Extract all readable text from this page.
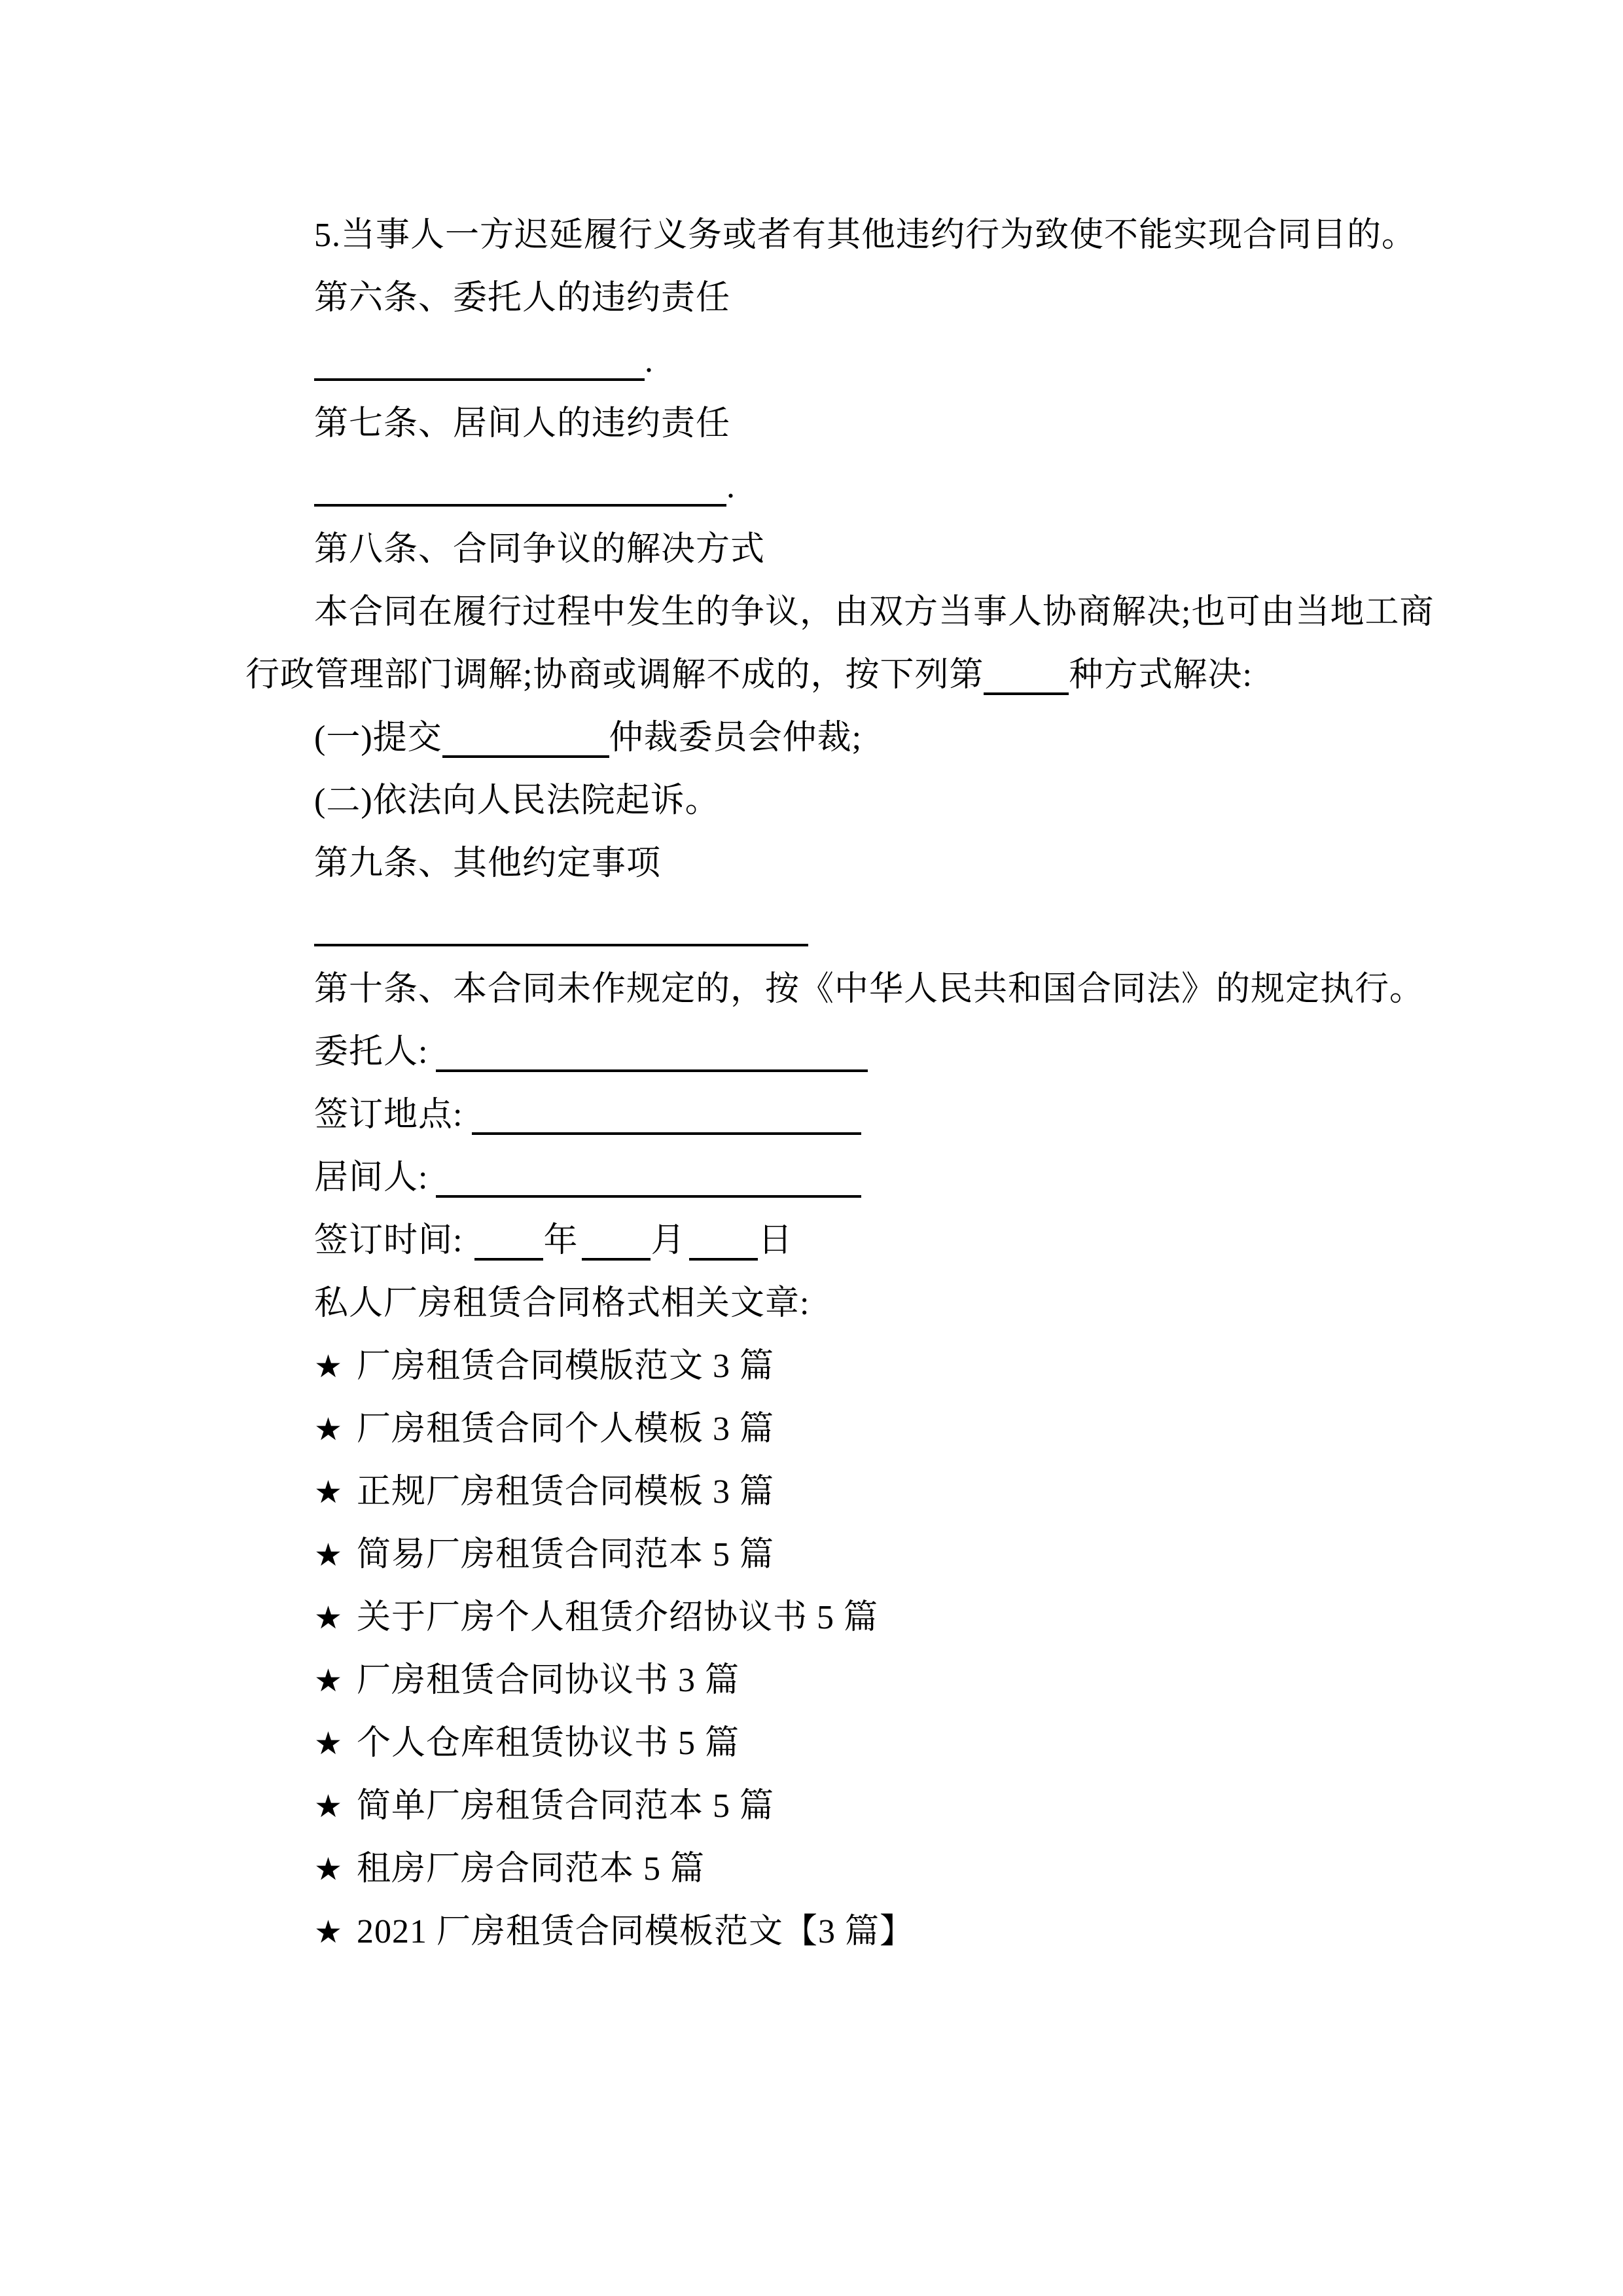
5.当事人一方迟延履行义务或者有其他违约行为致使不能实现合同目的。
第六条、委托人的违约责任
.
第七条、居间人的违约责任
.
第八条、合同争议的解决方式
本合同在履行过程中发生的争议，由双方当事人协商解决;也可由当地工商
行政管理部门调解;协商或调解不成的，按下列第	种方式解决:
(一)提交	仲裁委员会仲裁;
(二)依法向人民法院起诉。
第九条、其他约定事项
第十条、本合同未作规定的，按《中华人民共和国合同法》的规定执行。
委托人:
签订地点:
居间人:
签订时间: 年 月 日
私人厂房租赁合同格式相关文章:
★ 厂房租赁合同模版范文 3 篇
★ 厂房租赁合同个人模板 3 篇
★ 正规厂房租赁合同模板 3 篇
★ 简易厂房租赁合同范本 5 篇
★ 关于厂房个人租赁介绍协议书 5 篇
★ 厂房租赁合同协议书 3 篇
★ 个人仓库租赁协议书 5 篇
★ 简单厂房租赁合同范本 5 篇
★ 租房厂房合同范本 5 篇
★ 2021 厂房租赁合同模板范文【3 篇】
